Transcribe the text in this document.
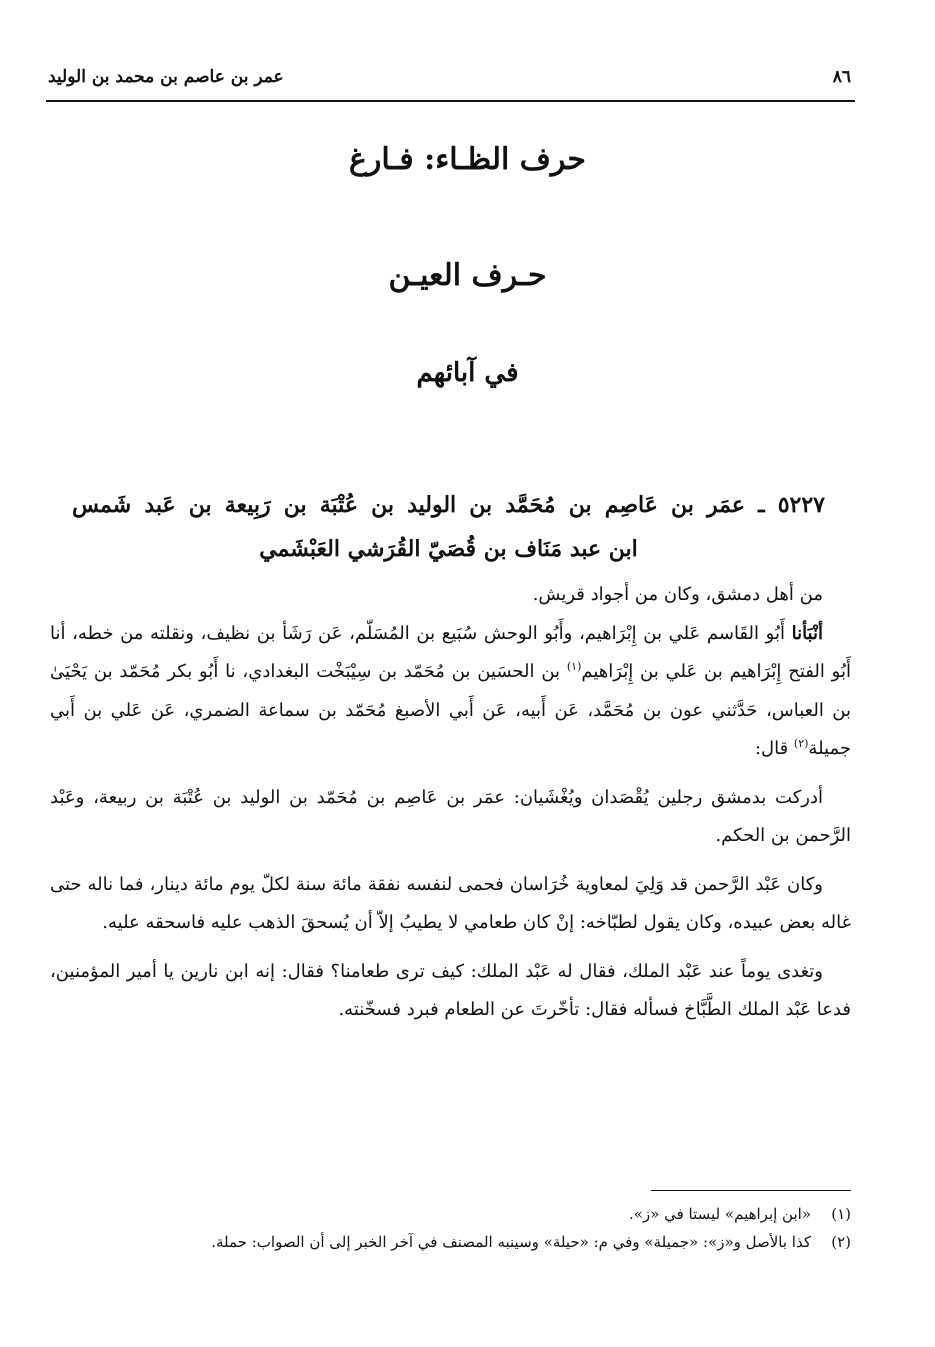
٨٦
عمر بن عاصم بن محمد بن الوليد
حرف الظـاء: فـارغ
حـرف العيـن
في آبائهم
٥٢٢٧ ـ عمَر بن عَاصِم بن مُحَمَّد بن الوليد بن عُتْبَة بن رَبِيعة بن عَبد شَمس
ابن عبد مَنَاف بن قُصَيّ القُرَشي العَبْشَمي

من أهل دمشق، وكان من أجواد قريش.

أنْبَأنا أَبُو القَاسم عَلي بن إِبْرَاهيم، وأَبُو الوحش سُبَيع بن المُسَلّم، عَن رَشَأ بن نظيف، ونقلته من خطه، أنا أَبُو الفتح إِبْرَاهيم بن عَلي بن إِبْرَاهيم$^{(١)}$ بن الحسَين بن مُحَمّد بن سِيْبَخْت البغدادي، نا أَبُو بكر مُحَمّد بن يَحْيَىٰ بن العباس، حَدَّثني عون بن مُحَمَّد، عَن أَبيه، عَن أَبي الأصبغ مُحَمّد بن سماعة الضمري، عَن عَلي بن أَبي جميلة$^{(٢)}$ قال:

أدركت بدمشق رجلين يُقْصَدان ويُغْشَيان: عمَر بن عَاصِم بن مُحَمّد بن الوليد بن عُتْبَة بن ربيعة، وعَبْد الرَّحمن بن الحكم.

وكان عَبْد الرَّحمن قد وَلِيَ لمعاوية خُرَاسان فحمى لنفسه نفقة مائة سنة لكلّ يوم مائة دينار، فما ناله حتى غاله بعض عبيده، وكان يقول لطبّاخه: إنْ كان طعامي لا يطيبُ إلاّ أن يُسحقَ الذهب عليه فاسحقه عليه.

وتغدى يوماً عند عَبْد الملك، فقال له عَبْد الملك: كيف ترى طعامنا؟ فقال: إنه ابن نارين يا أمير المؤمنين، فدعا عَبْد الملك الطَّبَّاخ فسأله فقال: تأخّرتَ عن الطعام فبرد فسخّنته.

(١)
«ابن إبراهيم» ليستا في «ز».
(٢)
كذا بالأصل و«ز»: «جميلة» وفي م: «حيلة» وسينبه المصنف في آخر الخبر إلى أن الصواب: حملة.
